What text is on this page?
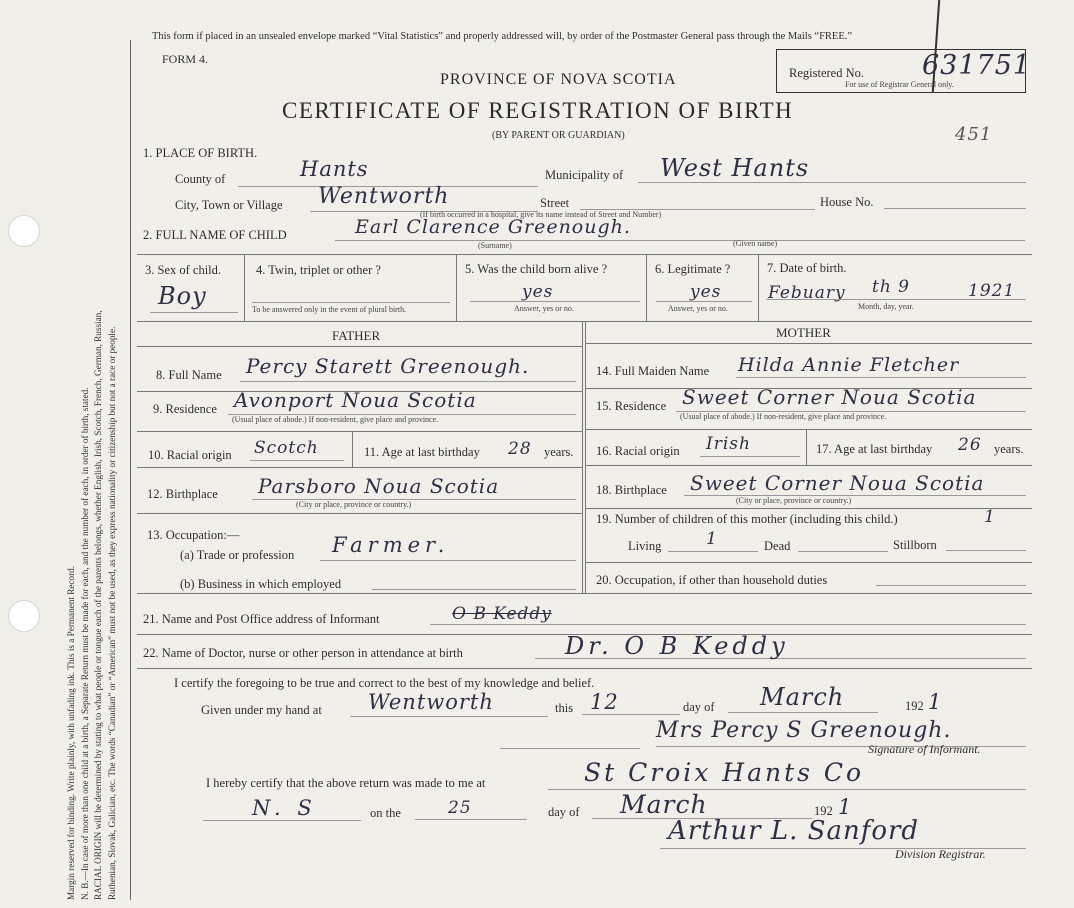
Margin reserved for binding. Write plainly, with unfading ink. This is a Permanent Record. N. B.—In case of more than one child at a birth, a Separate Return must be made for each, and the number of each, in order of birth, stated. RACIAL ORIGIN will be determined by stating to what people or tongue each of the parents belongs, whether English, Irish, Scotch, French, German, Russian, Ruthenian, Slovak, Galician, etc. The words “Canadian” or “American” must not be used, as they express nationality or citizenship but not a race or people.
This form if placed in an unsealed envelope marked “Vital Statistics” and properly addressed will, by order of the Postmaster General pass through the Mails “FREE.”
FORM 4.
Registered No. 631751
For use of Registrar General only.
451
PROVINCE OF NOVA SCOTIA
CERTIFICATE OF REGISTRATION OF BIRTH
(BY PARENT OR GUARDIAN)
1. PLACE OF BIRTH.
County of	Hants	Municipality of West Hants
City, Town or Village Wentworth	Street	House No.
(If birth occurred in a hospital, give its name instead of Street and Number)
2. FULL NAME OF CHILD	Earl Clarence Greenough.
(Surname)	(Given name)
3. Sex of child.
Boy
4. Twin, triplet or other ?
To be answered only in the event of plural birth.
5. Was the child born alive ?
yes
Answer, yes or no.
6. Legitimate ?
yes
Answer, yes or no.
7. Date of birth.
Febuary th 9	1921
Month, day, year.
FATHER	MOTHER
8. Full Name Percy Starett Greenough.
9. Residence Avonport Noua Scotia
(Usual place of abode.) If non-resident, give place and province.
10. Racial origin Scotch	11. Age at last birthday 28 years.
12. Birthplace Parsboro Noua Scotia
(City or place, province or country.)
13. Occupation:—
(a) Trade or profession Farmer.
(b) Business in which employed
14. Full Maiden Name Hilda Annie Fletcher
15. Residence Sweet Corner Noua Scotia
(Usual place of abode.) If non-resident, give place and province.
16. Racial origin Irish	17. Age at last birthday 26 years.
18. Birthplace Sweet Corner Noua Scotia
(City or place, province or country.)
19. Number of children of this mother (including this child.)	1
Living	1	Dead	Stillborn
20. Occupation, if other than household duties
21. Name and Post Office address of Informant	O B Keddy
22. Name of Doctor, nurse or other person in attendance at birth	Dr. O B Keddy
I certify the foregoing to be true and correct to the best of my knowledge and belief.
Given under my hand at Wentworth	this 12	day of March	192 1
Mrs Percy S Greenough.
Signature of Informant.
I hereby certify that the above return was made to me at	St Croix Hants Co
N. S	on the	25	day of March	192 1
Arthur L. Sanford
Division Registrar.
